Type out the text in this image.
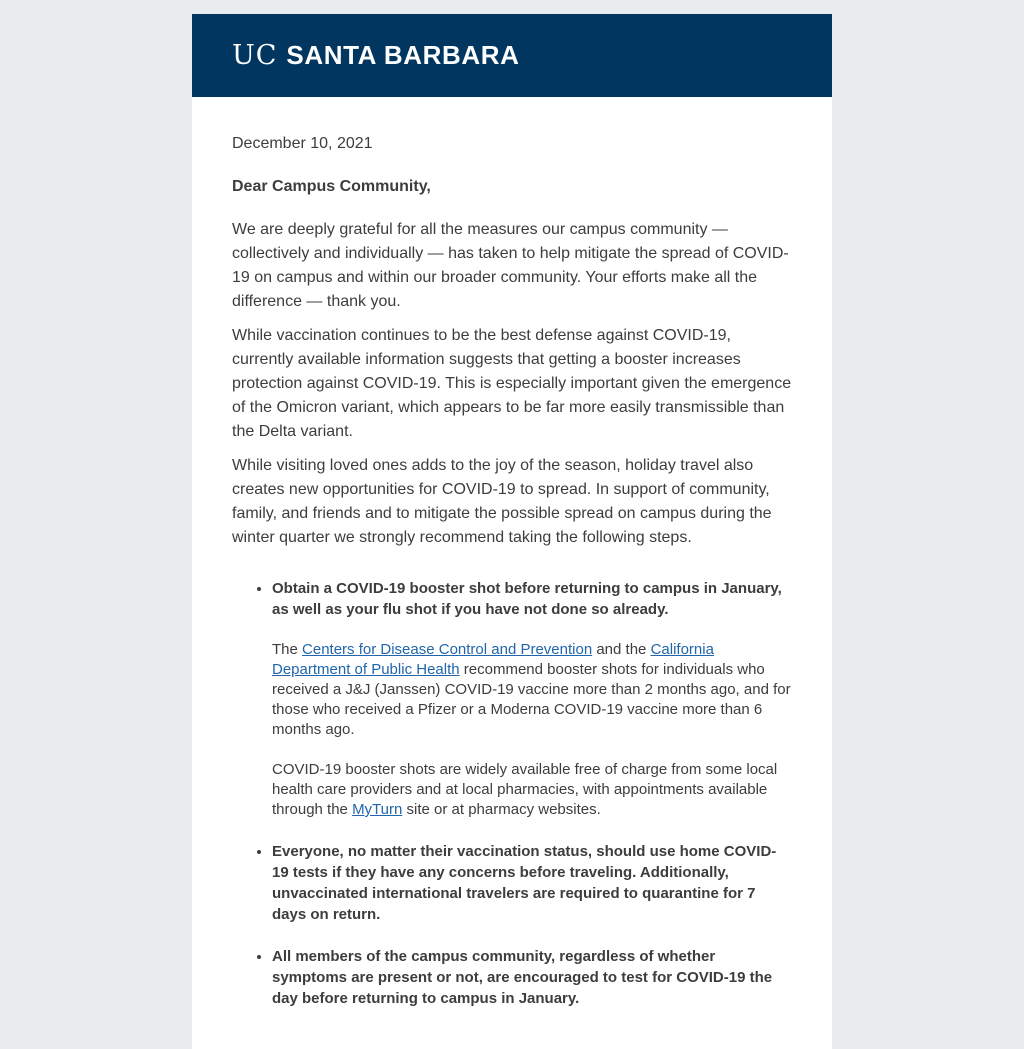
UC SANTA BARBARA

December 10, 2021

Dear Campus Community,

We are deeply grateful for all the measures our campus community — collectively and individually — has taken to help mitigate the spread of COVID-19 on campus and within our broader community. Your efforts make all the difference — thank you.

While vaccination continues to be the best defense against COVID-19, currently available information suggests that getting a booster increases protection against COVID-19. This is especially important given the emergence of the Omicron variant, which appears to be far more easily transmissible than the Delta variant.

While visiting loved ones adds to the joy of the season, holiday travel also creates new opportunities for COVID-19 to spread. In support of community, family, and friends and to mitigate the possible spread on campus during the winter quarter we strongly recommend taking the following steps.

• Obtain a COVID-19 booster shot before returning to campus in January, as well as your flu shot if you have not done so already.

The Centers for Disease Control and Prevention and the California Department of Public Health recommend booster shots for individuals who received a J&J (Janssen) COVID-19 vaccine more than 2 months ago, and for those who received a Pfizer or a Moderna COVID-19 vaccine more than 6 months ago.

COVID-19 booster shots are widely available free of charge from some local health care providers and at local pharmacies, with appointments available through the MyTurn site or at pharmacy websites.

• Everyone, no matter their vaccination status, should use home COVID-19 tests if they have any concerns before traveling. Additionally, unvaccinated international travelers are required to quarantine for 7 days on return.

• All members of the campus community, regardless of whether symptoms are present or not, are encouraged to test for COVID-19 the day before returning to campus in January.
